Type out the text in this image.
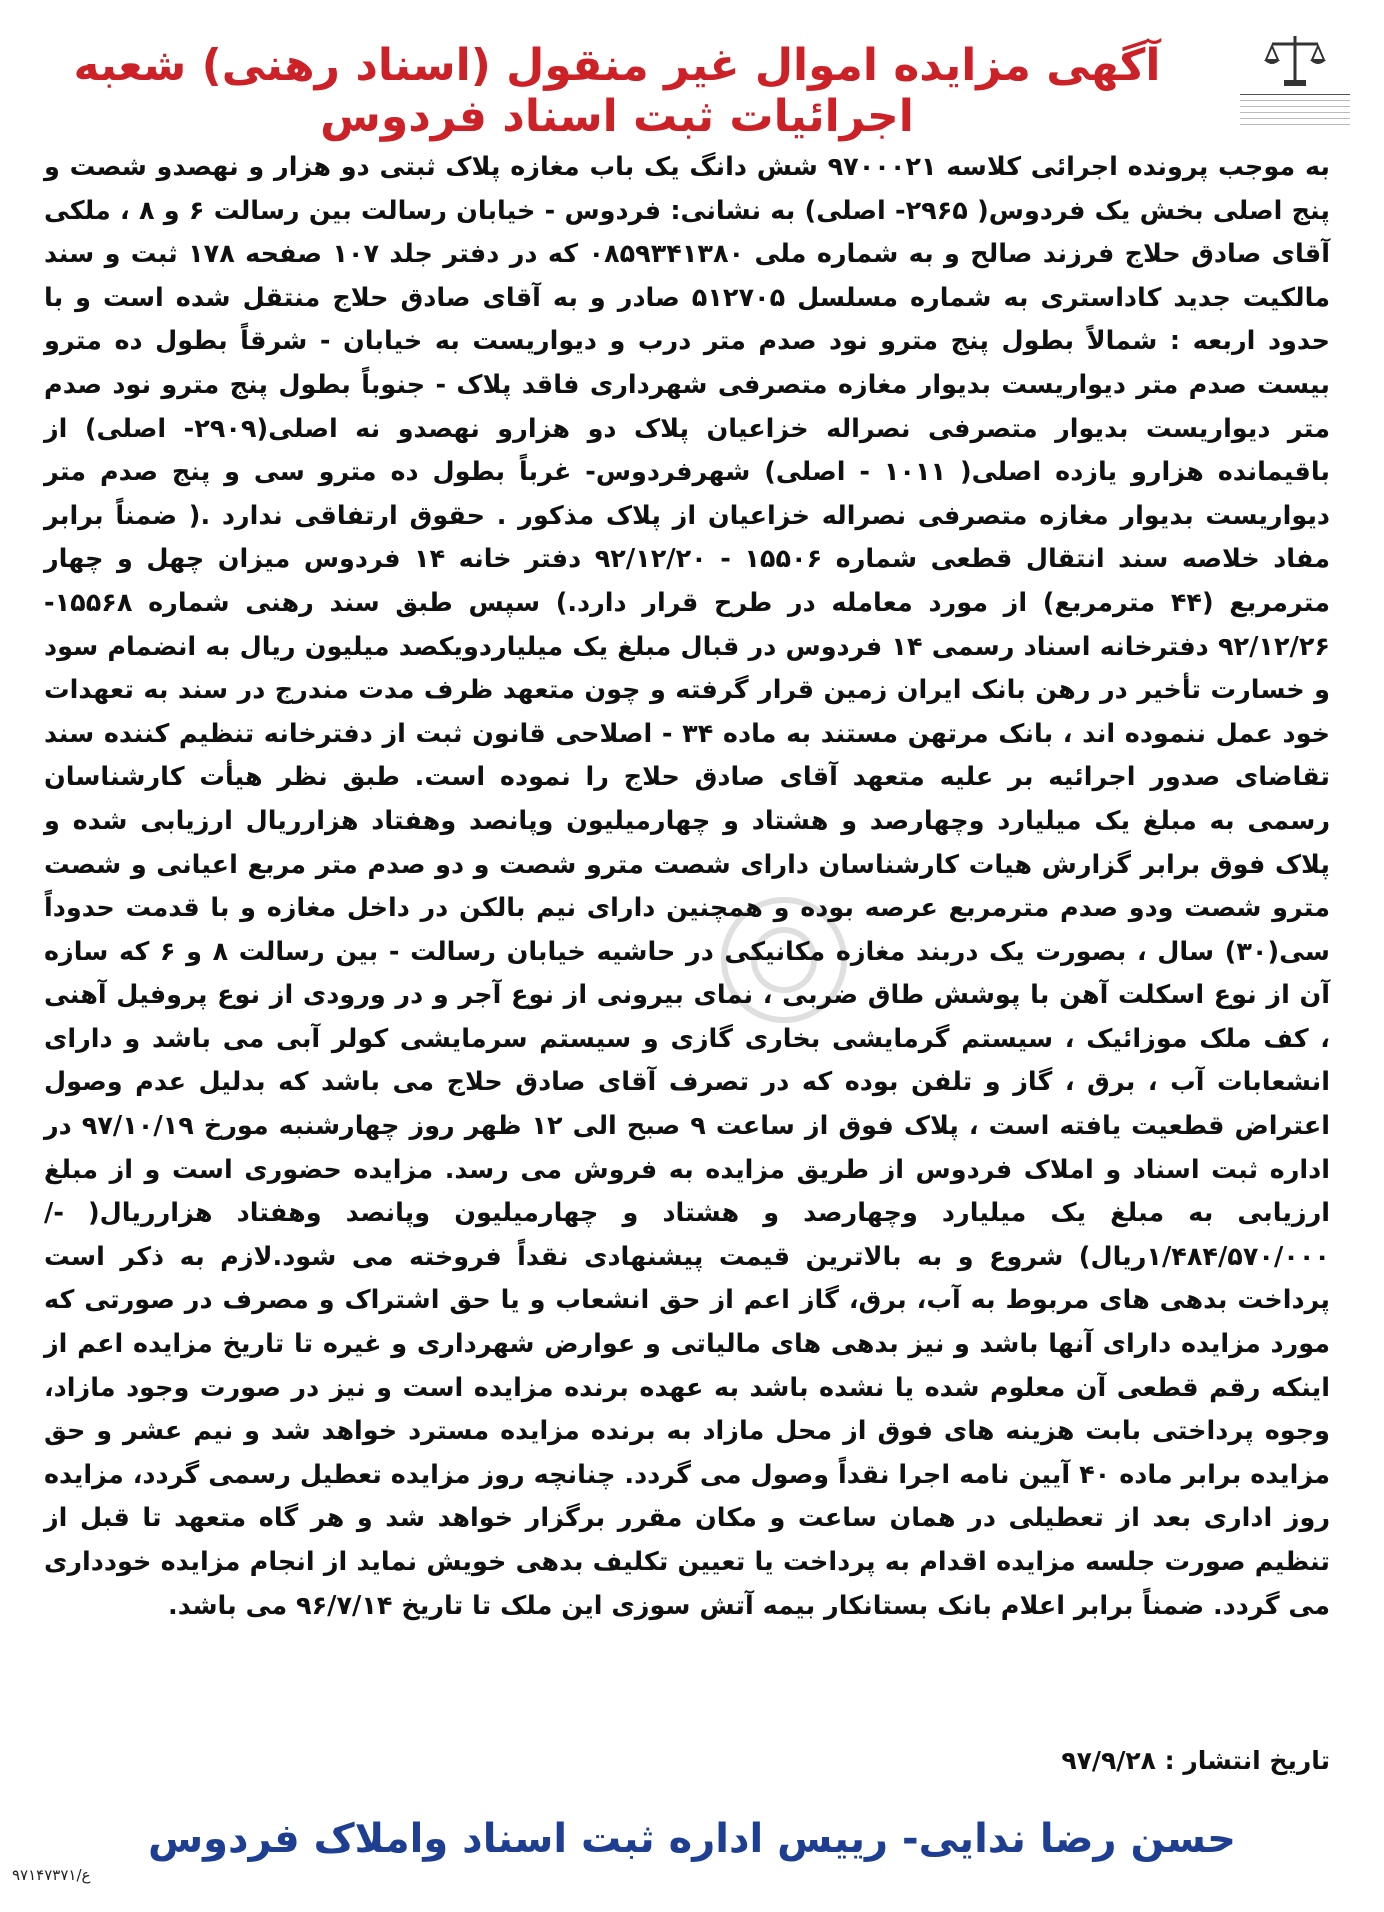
آگهی مزایده اموال غیر منقول (اسناد رهنی) شعبه اجرائیات ثبت اسناد فردوس
به موجب پرونده اجرائی کلاسه ۹۷۰۰۰۲۱ شش دانگ یک باب مغازه پلاک ثبتی دو هزار و نهصدو شصت و پنج اصلی بخش یک فردوس( ۲۹۶۵- اصلی) به نشانی: فردوس - خیابان رسالت بین رسالت ۶ و ۸ ، ملکی آقای صادق حلاج فرزند صالح و به شماره ملی ۰۸۵۹۳۴۱۳۸۰ که در دفتر جلد ۱۰۷ صفحه ۱۷۸ ثبت و سند مالکیت جدید کاداستری به شماره مسلسل ۵۱۲۷۰۵ صادر و به آقای صادق حلاج منتقل شده است و با حدود اربعه : شمالاً بطول پنج مترو نود صدم متر درب و دیواریست به خیابان - شرقاً بطول ده مترو بیست صدم متر دیواریست بدیوار مغازه متصرفی شهرداری فاقد پلاک - جنوباً بطول پنج مترو نود صدم متر دیواریست بدیوار متصرفی نصراله خزاعیان پلاک دو هزارو نهصدو نه اصلی(۲۹۰۹- اصلی) از باقیمانده هزارو یازده اصلی( ۱۰۱۱ - اصلی) شهرفردوس- غرباً بطول ده مترو سی و پنج صدم متر دیواریست بدیوار مغازه متصرفی نصراله خزاعیان از پلاک مذکور . حقوق ارتفاقی ندارد .( ضمناً برابر مفاد خلاصه سند انتقال قطعی شماره ۱۵۵۰۶ - ۹۲/۱۲/۲۰ دفتر خانه ۱۴ فردوس میزان چهل و چهار مترمربع (۴۴ مترمربع) از مورد معامله در طرح قرار دارد.) سپس طبق سند رهنی شماره ۱۵۵۶۸- ۹۲/۱۲/۲۶ دفترخانه اسناد رسمی ۱۴ فردوس در قبال مبلغ یک میلیاردویکصد میلیون ریال به انضمام سود و خسارت تأخیر در رهن بانک ایران زمین قرار گرفته و چون متعهد ظرف مدت مندرج در سند به تعهدات خود عمل ننموده اند ، بانک مرتهن مستند به ماده ۳۴ - اصلاحی قانون ثبت از دفترخانه تنظیم کننده سند تقاضای صدور اجرائیه بر علیه متعهد آقای صادق حلاج را نموده است. طبق نظر هیأت کارشناسان رسمی به مبلغ یک میلیارد وچهارصد و هشتاد و چهارمیلیون وپانصد وهفتاد هزارریال ارزیابی شده و پلاک فوق برابر گزارش هیات کارشناسان دارای شصت مترو شصت و دو صدم متر مربع اعیانی و شصت مترو شصت ودو صدم مترمربع عرصه بوده و همچنین دارای نیم بالکن در داخل مغازه و با قدمت حدوداً سی(۳۰) سال ، بصورت یک دربند مغازه مکانیکی در حاشیه خیابان رسالت - بین رسالت ۸ و ۶ که سازه آن از نوع اسکلت آهن با پوشش طاق ضربی ، نمای بیرونی از نوع آجر و در ورودی از نوع پروفیل آهنی ، کف ملک موزائیک ، سیستم گرمایشی بخاری گازی و سیستم سرمایشی کولر آبی می باشد و دارای انشعابات آب ، برق ، گاز و تلفن بوده که در تصرف آقای صادق حلاج می باشد که بدلیل عدم وصول اعتراض قطعیت یافته است ، پلاک فوق از ساعت ۹ صبح الی ۱۲ ظهر روز چهارشنبه مورخ ۹۷/۱۰/۱۹ در اداره ثبت اسناد و املاک فردوس از طریق مزایده به فروش می رسد. مزایده حضوری است و از مبلغ ارزیابی به مبلغ یک میلیارد وچهارصد و هشتاد و چهارمیلیون وپانصد وهفتاد هزارریال( -/۱/۴۸۴/۵۷۰/۰۰۰ریال) شروع و به بالاترین قیمت پیشنهادی نقداً فروخته می شود.لازم به ذکر است پرداخت بدهی های مربوط به آب، برق، گاز اعم از حق انشعاب و یا حق اشتراک و مصرف در صورتی که مورد مزایده دارای آنها باشد و نیز بدهی های مالیاتی و عوارض شهرداری و غیره تا تاریخ مزایده اعم از اینکه رقم قطعی آن معلوم شده یا نشده باشد به عهده برنده مزایده است و نیز در صورت وجود مازاد، وجوه پرداختی بابت هزینه های فوق از محل مازاد به برنده مزایده مسترد خواهد شد و نیم عشر و حق مزایده برابر ماده ۴۰ آیین نامه اجرا نقداً وصول می گردد. چنانچه روز مزایده تعطیل رسمی گردد، مزایده روز اداری بعد از تعطیلی در همان ساعت و مکان مقرر برگزار خواهد شد و هر گاه متعهد تا قبل از تنظیم صورت جلسه مزایده اقدام به پرداخت یا تعیین تکلیف بدهی خویش نماید از انجام مزایده خودداری می گردد. ضمناً برابر اعلام بانک بستانکار بیمه آتش سوزی این ملک تا تاریخ ۹۶/۷/۱۴ می باشد.
تاریخ انتشار : ۹۷/۹/۲۸
حسن رضا ندایی- رییس اداره ثبت اسناد واملاک فردوس
۹۷۱۴۷۳۷۱/ع
